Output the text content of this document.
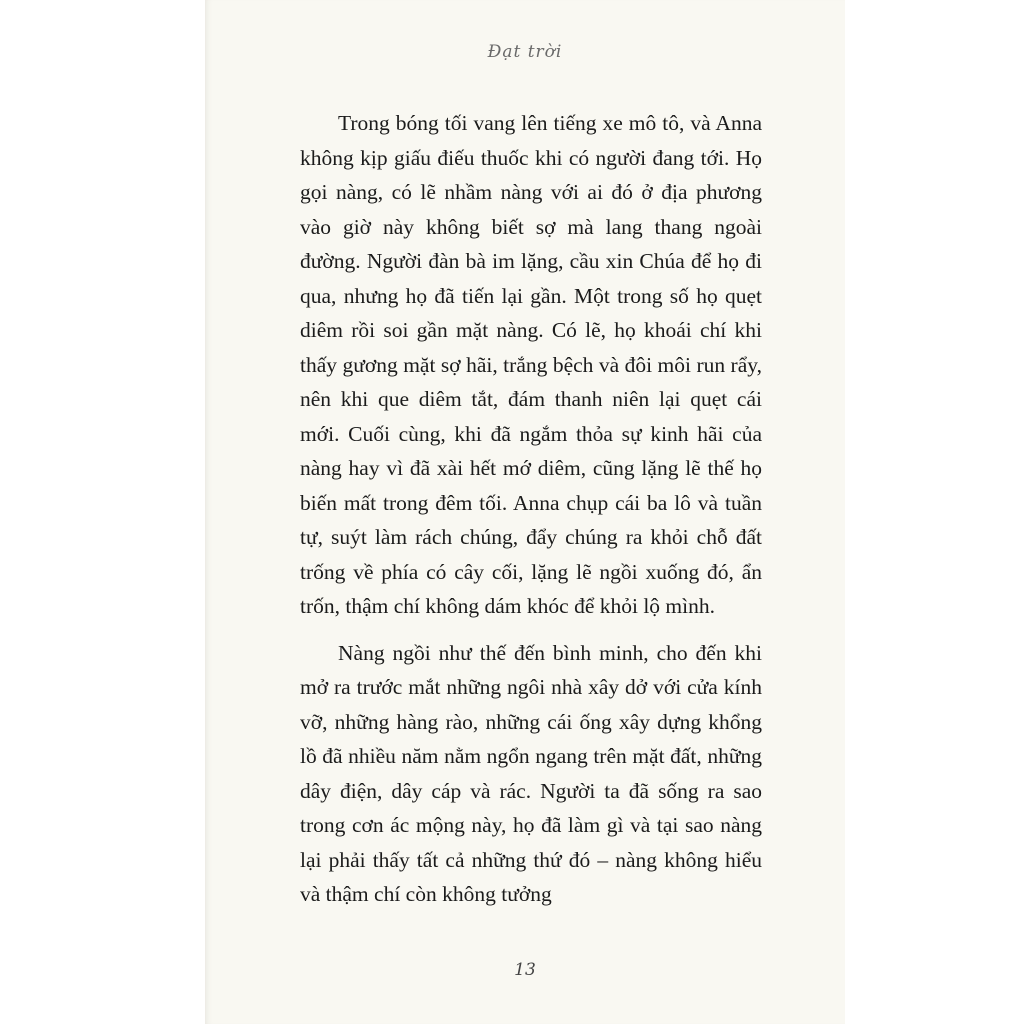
Đạt trời

Trong bóng tối vang lên tiếng xe mô tô, và Anna không kịp giấu điếu thuốc khi có người đang tới. Họ gọi nàng, có lẽ nhầm nàng với ai đó ở địa phương vào giờ này không biết sợ mà lang thang ngoài đường. Người đàn bà im lặng, cầu xin Chúa để họ đi qua, nhưng họ đã tiến lại gần. Một trong số họ quẹt diêm rồi soi gần mặt nàng. Có lẽ, họ khoái chí khi thấy gương mặt sợ hãi, trắng bệch và đôi môi run rẩy, nên khi que diêm tắt, đám thanh niên lại quẹt cái mới. Cuối cùng, khi đã ngắm thỏa sự kinh hãi của nàng hay vì đã xài hết mớ diêm, cũng lặng lẽ thế họ biến mất trong đêm tối. Anna chụp cái ba lô và tuần tự, suýt làm rách chúng, đẩy chúng ra khỏi chỗ đất trống về phía có cây cối, lặng lẽ ngồi xuống đó, ẩn trốn, thậm chí không dám khóc để khỏi lộ mình.

Nàng ngồi như thế đến bình minh, cho đến khi mở ra trước mắt những ngôi nhà xây dở với cửa kính vỡ, những hàng rào, những cái ống xây dựng khổng lồ đã nhiều năm nằm ngổn ngang trên mặt đất, những dây điện, dây cáp và rác. Người ta đã sống ra sao trong cơn ác mộng này, họ đã làm gì và tại sao nàng lại phải thấy tất cả những thứ đó – nàng không hiểu và thậm chí còn không tưởng

13
